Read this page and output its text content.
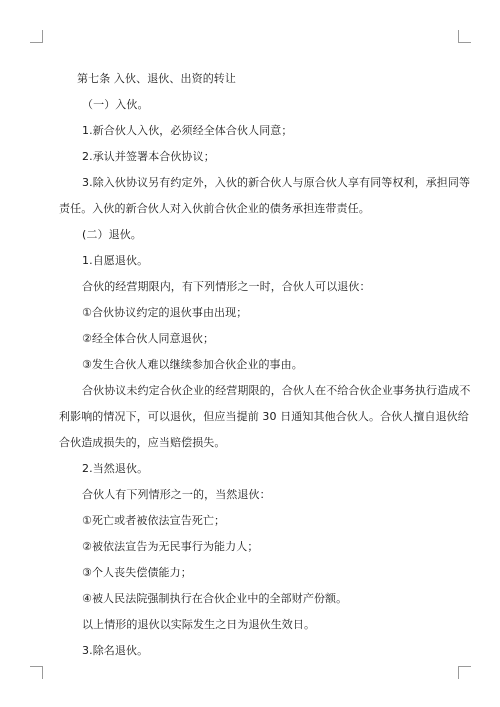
第七条 入伙、退伙、出资的转让
（一）入伙。
1.新合伙人入伙，必须经全体合伙人同意；
2.承认并签署本合伙协议；
3.除入伙协议另有约定外，入伙的新合伙人与原合伙人享有同等权利，承担同等
责任。入伙的新合伙人对入伙前合伙企业的债务承担连带责任。
(二）退伙。
1.自愿退伙。
合伙的经营期限内，有下列情形之一时，合伙人可以退伙：
①合伙协议约定的退伙事由出现；
②经全体合伙人同意退伙；
③发生合伙人难以继续参加合伙企业的事由。
合伙协议未约定合伙企业的经营期限的，合伙人在不给合伙企业事务执行造成不
利影响的情况下，可以退伙，但应当提前 30 日通知其他合伙人。合伙人擅自退伙给
合伙造成损失的，应当赔偿损失。
2.当然退伙。
合伙人有下列情形之一的，当然退伙：
①死亡或者被依法宣告死亡；
②被依法宣告为无民事行为能力人；
③个人丧失偿债能力；
④被人民法院强制执行在合伙企业中的全部财产份额。
以上情形的退伙以实际发生之日为退伙生效日。
3.除名退伙。
